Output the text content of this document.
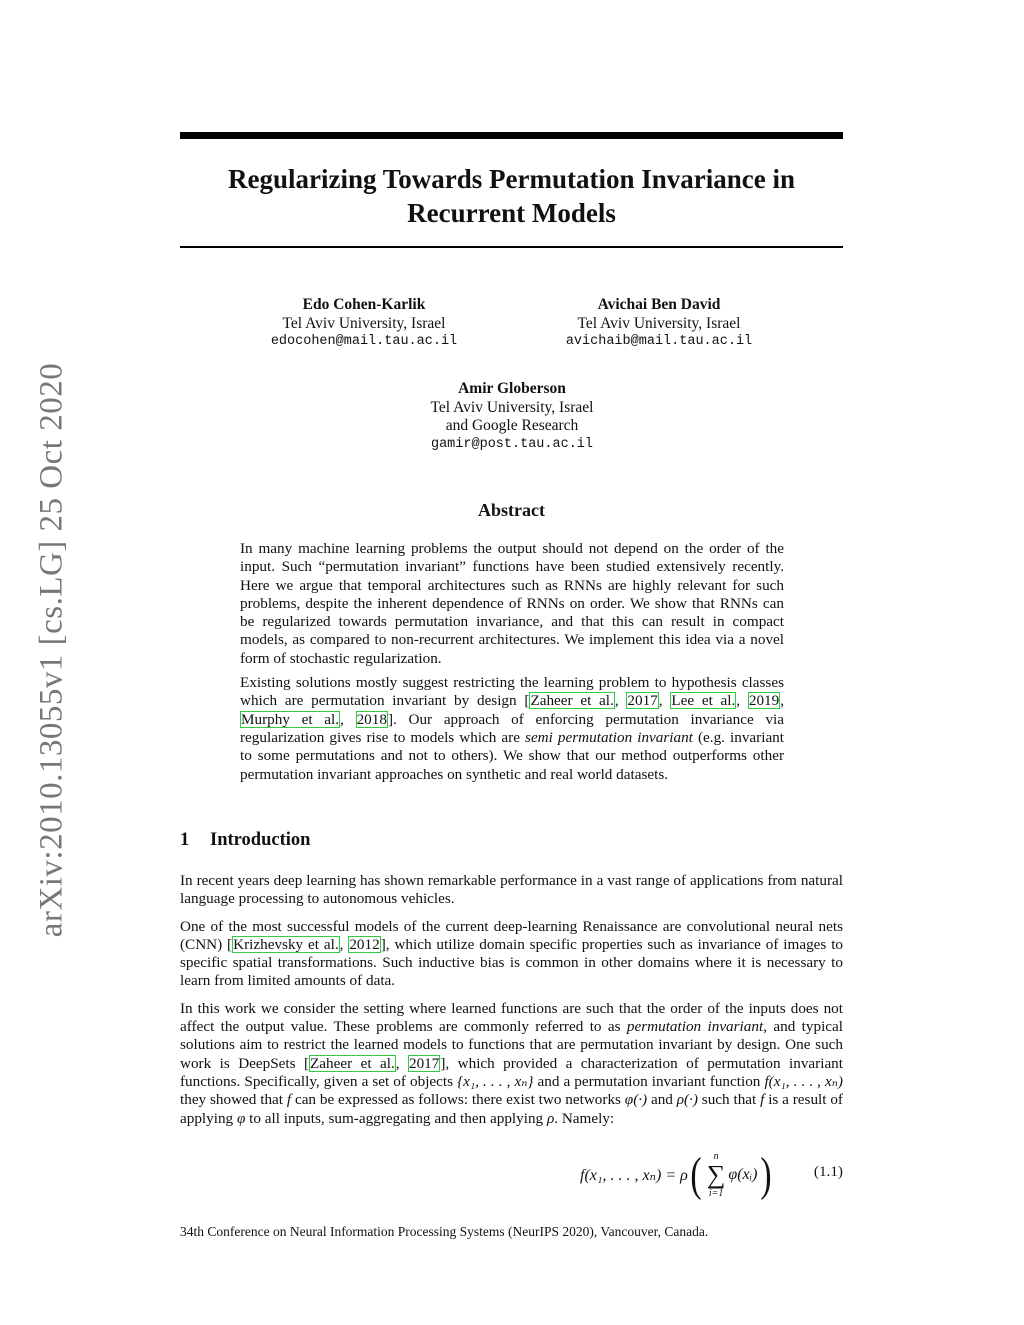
arXiv:2010.13055v1 [cs.LG] 25 Oct 2020
Regularizing Towards Permutation Invariance in
Recurrent Models
Edo Cohen-Karlik
Tel Aviv University, Israel
edocohen@mail.tau.ac.il
Avichai Ben David
Tel Aviv University, Israel
avichaib@mail.tau.ac.il
Amir Globerson
Tel Aviv University, Israel
and Google Research
gamir@post.tau.ac.il
Abstract

In many machine learning problems the output should not depend on the order of the input. Such “permutation invariant” functions have been studied extensively recently. Here we argue that temporal architectures such as RNNs are highly relevant for such problems, despite the inherent dependence of RNNs on order. We show that RNNs can be regularized towards permutation invariance, and that this can result in compact models, as compared to non-recurrent architectures. We implement this idea via a novel form of stochastic regularization.

Existing solutions mostly suggest restricting the learning problem to hypothesis classes which are permutation invariant by design [Zaheer et al., 2017, Lee et al., 2019, Murphy et al., 2018]. Our approach of enforcing permutation invariance via regularization gives rise to models which are semi permutation invariant (e.g. invariant to some permutations and not to others). We show that our method outperforms other permutation invariant approaches on synthetic and real world datasets.

1 Introduction

In recent years deep learning has shown remarkable performance in a vast range of applications from natural language processing to autonomous vehicles.

One of the most successful models of the current deep-learning Renaissance are convolutional neural nets (CNN) [Krizhevsky et al., 2012], which utilize domain specific properties such as invariance of images to specific spatial transformations. Such inductive bias is common in other domains where it is necessary to learn from limited amounts of data.

In this work we consider the setting where learned functions are such that the order of the inputs does not affect the output value. These problems are commonly referred to as permutation invariant, and typical solutions aim to restrict the learned models to functions that are permutation invariant by design. One such work is DeepSets [Zaheer et al., 2017], which provided a characterization of permutation invariant functions. Specifically, given a set of objects {x₁, . . . , xₙ} and a permutation invariant function f(x₁, . . . , xₙ) they showed that f can be expressed as follows: there exist two networks φ(·) and ρ(·) such that f is a result of applying φ to all inputs, sum-aggregating and then applying ρ. Namely:

f(x₁, . . . , xₙ) = ρ ( n
∑
i=1
φ(xᵢ) )	(1.1)
34th Conference on Neural Information Processing Systems (NeurIPS 2020), Vancouver, Canada.
